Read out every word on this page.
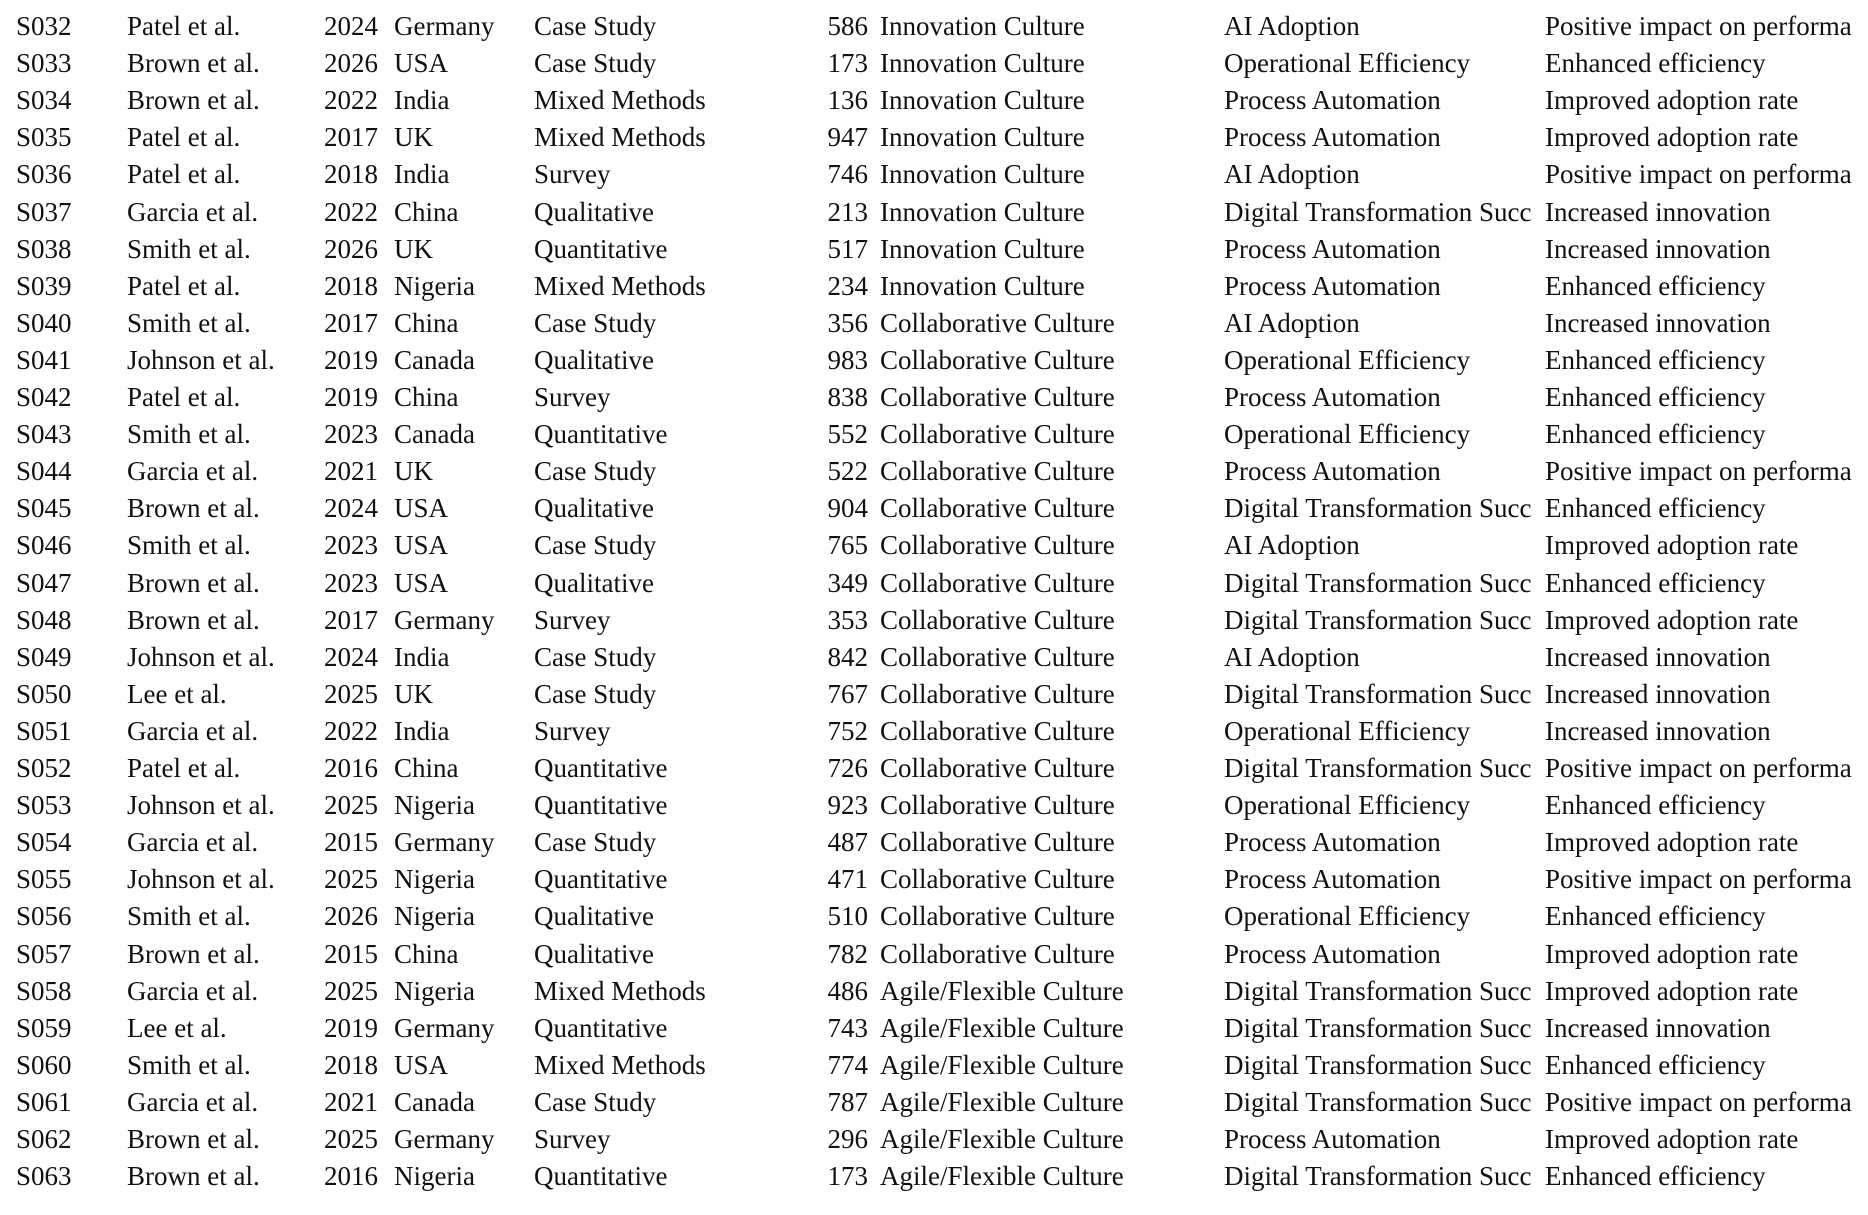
S032	Patel et al.	2024 Germany	Case Study	586 Innovation Culture	AI Adoption	Positive impact on performa
S033	Brown et al.	2026 USA	Case Study	173 Innovation Culture	Operational Efficiency	Enhanced efficiency
S034	Brown et al.	2022 India	Mixed Methods	136 Innovation Culture	Process Automation	Improved adoption rate
S035	Patel et al.	2017 UK	Mixed Methods	947 Innovation Culture	Process Automation	Improved adoption rate
S036	Patel et al.	2018 India	Survey	746 Innovation Culture	AI Adoption	Positive impact on performa
S037	Garcia et al.	2022 China	Qualitative	213 Innovation Culture	Digital Transformation Succ Increased innovation
S038	Smith et al.	2026 UK	Quantitative	517 Innovation Culture	Process Automation	Increased innovation
S039	Patel et al.	2018 Nigeria	Mixed Methods	234 Innovation Culture	Process Automation	Enhanced efficiency
S040	Smith et al.	2017 China	Case Study	356 Collaborative Culture	AI Adoption	Increased innovation
S041	Johnson et al.	2019 Canada	Qualitative	983 Collaborative Culture	Operational Efficiency	Enhanced efficiency
S042	Patel et al.	2019 China	Survey	838 Collaborative Culture	Process Automation	Enhanced efficiency
S043	Smith et al.	2023 Canada	Quantitative	552 Collaborative Culture	Operational Efficiency	Enhanced efficiency
S044	Garcia et al.	2021 UK	Case Study	522 Collaborative Culture	Process Automation	Positive impact on performa
S045	Brown et al.	2024 USA	Qualitative	904 Collaborative Culture	Digital Transformation Succ Enhanced efficiency
S046	Smith et al.	2023 USA	Case Study	765 Collaborative Culture	AI Adoption	Improved adoption rate
S047	Brown et al.	2023 USA	Qualitative	349 Collaborative Culture	Digital Transformation Succ Enhanced efficiency
S048	Brown et al.	2017 Germany	Survey	353 Collaborative Culture	Digital Transformation Succ Improved adoption rate
S049	Johnson et al.	2024 India	Case Study	842 Collaborative Culture	AI Adoption	Increased innovation
S050	Lee et al.	2025 UK	Case Study	767 Collaborative Culture	Digital Transformation Succ Increased innovation
S051	Garcia et al.	2022 India	Survey	752 Collaborative Culture	Operational Efficiency	Increased innovation
S052	Patel et al.	2016 China	Quantitative	726 Collaborative Culture	Digital Transformation Succ Positive impact on performa
S053	Johnson et al.	2025 Nigeria	Quantitative	923 Collaborative Culture	Operational Efficiency	Enhanced efficiency
S054	Garcia et al.	2015 Germany	Case Study	487 Collaborative Culture	Process Automation	Improved adoption rate
S055	Johnson et al.	2025 Nigeria	Quantitative	471 Collaborative Culture	Process Automation	Positive impact on performa
S056	Smith et al.	2026 Nigeria	Qualitative	510 Collaborative Culture	Operational Efficiency	Enhanced efficiency
S057	Brown et al.	2015 China	Qualitative	782 Collaborative Culture	Process Automation	Improved adoption rate
S058	Garcia et al.	2025 Nigeria	Mixed Methods	486 Agile/Flexible Culture	Digital Transformation Succ Improved adoption rate
S059	Lee et al.	2019 Germany	Quantitative	743 Agile/Flexible Culture	Digital Transformation Succ Increased innovation
S060	Smith et al.	2018 USA	Mixed Methods	774 Agile/Flexible Culture	Digital Transformation Succ Enhanced efficiency
S061	Garcia et al.	2021 Canada	Case Study	787 Agile/Flexible Culture	Digital Transformation Succ Positive impact on performa
S062	Brown et al.	2025 Germany	Survey	296 Agile/Flexible Culture	Process Automation	Improved adoption rate
S063	Brown et al.	2016 Nigeria	Quantitative	173 Agile/Flexible Culture	Digital Transformation Succ Enhanced efficiency
